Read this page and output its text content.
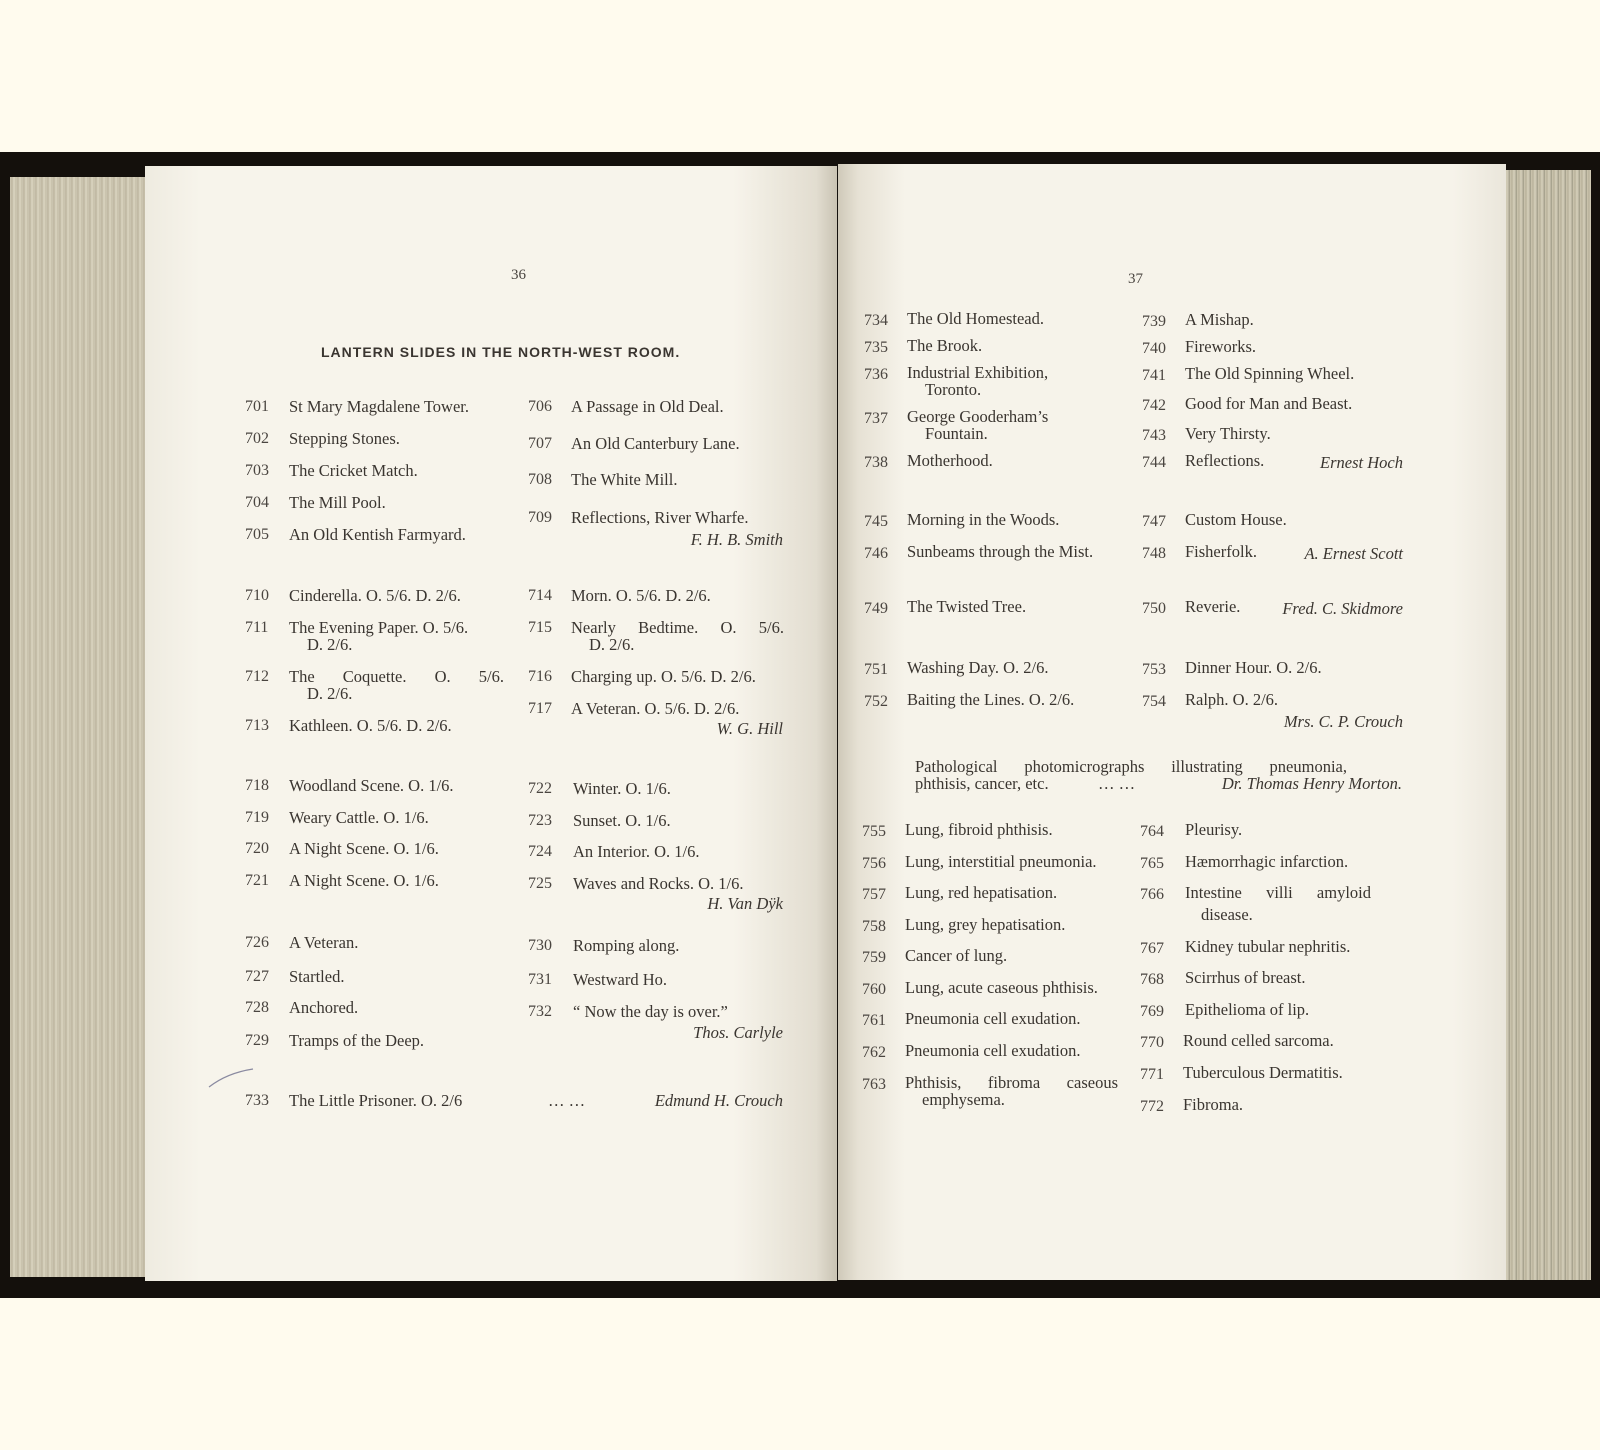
36
LANTERN SLIDES IN THE NORTH-WEST ROOM.
701 St Mary Magdalene Tower.
702 Stepping Stones.
703 The Cricket Match.
704 The Mill Pool.
705 An Old Kentish Farmyard.
706 A Passage in Old Deal.
707 An Old Canterbury Lane.
708 The White Mill.
709 Reflections, River Wharfe.
F. H. B. Smith
710 Cinderella. O. 5/6. D. 2/6.
711 The Evening Paper. O. 5/6.
D. 2/6.
712 The Coquette. O. 5/6.
D. 2/6.
713 Kathleen. O. 5/6. D. 2/6.
714 Morn. O. 5/6. D. 2/6.
715 Nearly Bedtime. O. 5/6.
D. 2/6.
716 Charging up. O. 5/6. D. 2/6.
717 A Veteran. O. 5/6. D. 2/6.
W. G. Hill
718 Woodland Scene. O. 1/6.
719 Weary Cattle. O. 1/6.
720 A Night Scene. O. 1/6.
721 A Night Scene. O. 1/6.
722 Winter. O. 1/6.
723 Sunset. O. 1/6.
724 An Interior. O. 1/6.
725 Waves and Rocks. O. 1/6.
H. Van Dÿk
726 A Veteran.
727 Startled.
728 Anchored.
729 Tramps of the Deep.
730 Romping along.
731 Westward Ho.
732 “ Now the day is over.”
Thos. Carlyle
733 The Little Prisoner. O. 2/6	… …	Edmund H. Crouch
37
734 The Old Homestead.
735 The Brook.
736 Industrial Exhibition,
Toronto.
737 George Gooderham’s
Fountain.
738 Motherhood.
739 A Mishap.
740 Fireworks.
741 The Old Spinning Wheel.
742 Good for Man and Beast.
743 Very Thirsty.
744 Reflections.	Ernest Hoch
745 Morning in the Woods.
746 Sunbeams through the Mist.
747 Custom House.
748 Fisherfolk.	A. Ernest Scott
749 The Twisted Tree.	750 Reverie.	Fred. C. Skidmore
751 Washing Day. O. 2/6.
752 Baiting the Lines. O. 2/6.
753 Dinner Hour. O. 2/6.
754 Ralph. O. 2/6.
Mrs. C. P. Crouch
Pathological photomicrographs illustrating pneumonia,
phthisis, cancer, etc.	… …	Dr. Thomas Henry Morton.
755 Lung, fibroid phthisis.
756 Lung, interstitial pneumonia.
757 Lung, red hepatisation.
758 Lung, grey hepatisation.
759 Cancer of lung.
760 Lung, acute caseous phthisis.
761 Pneumonia cell exudation.
762 Pneumonia cell exudation.
763 Phthisis, fibroma caseous
emphysema.
764 Pleurisy.
765 Hæmorrhagic infarction.
766 Intestine villi amyloid
disease.
767 Kidney tubular nephritis.
768 Scirrhus of breast.
769 Epithelioma of lip.
770 Round celled sarcoma.
771 Tuberculous Dermatitis.
772 Fibroma.
